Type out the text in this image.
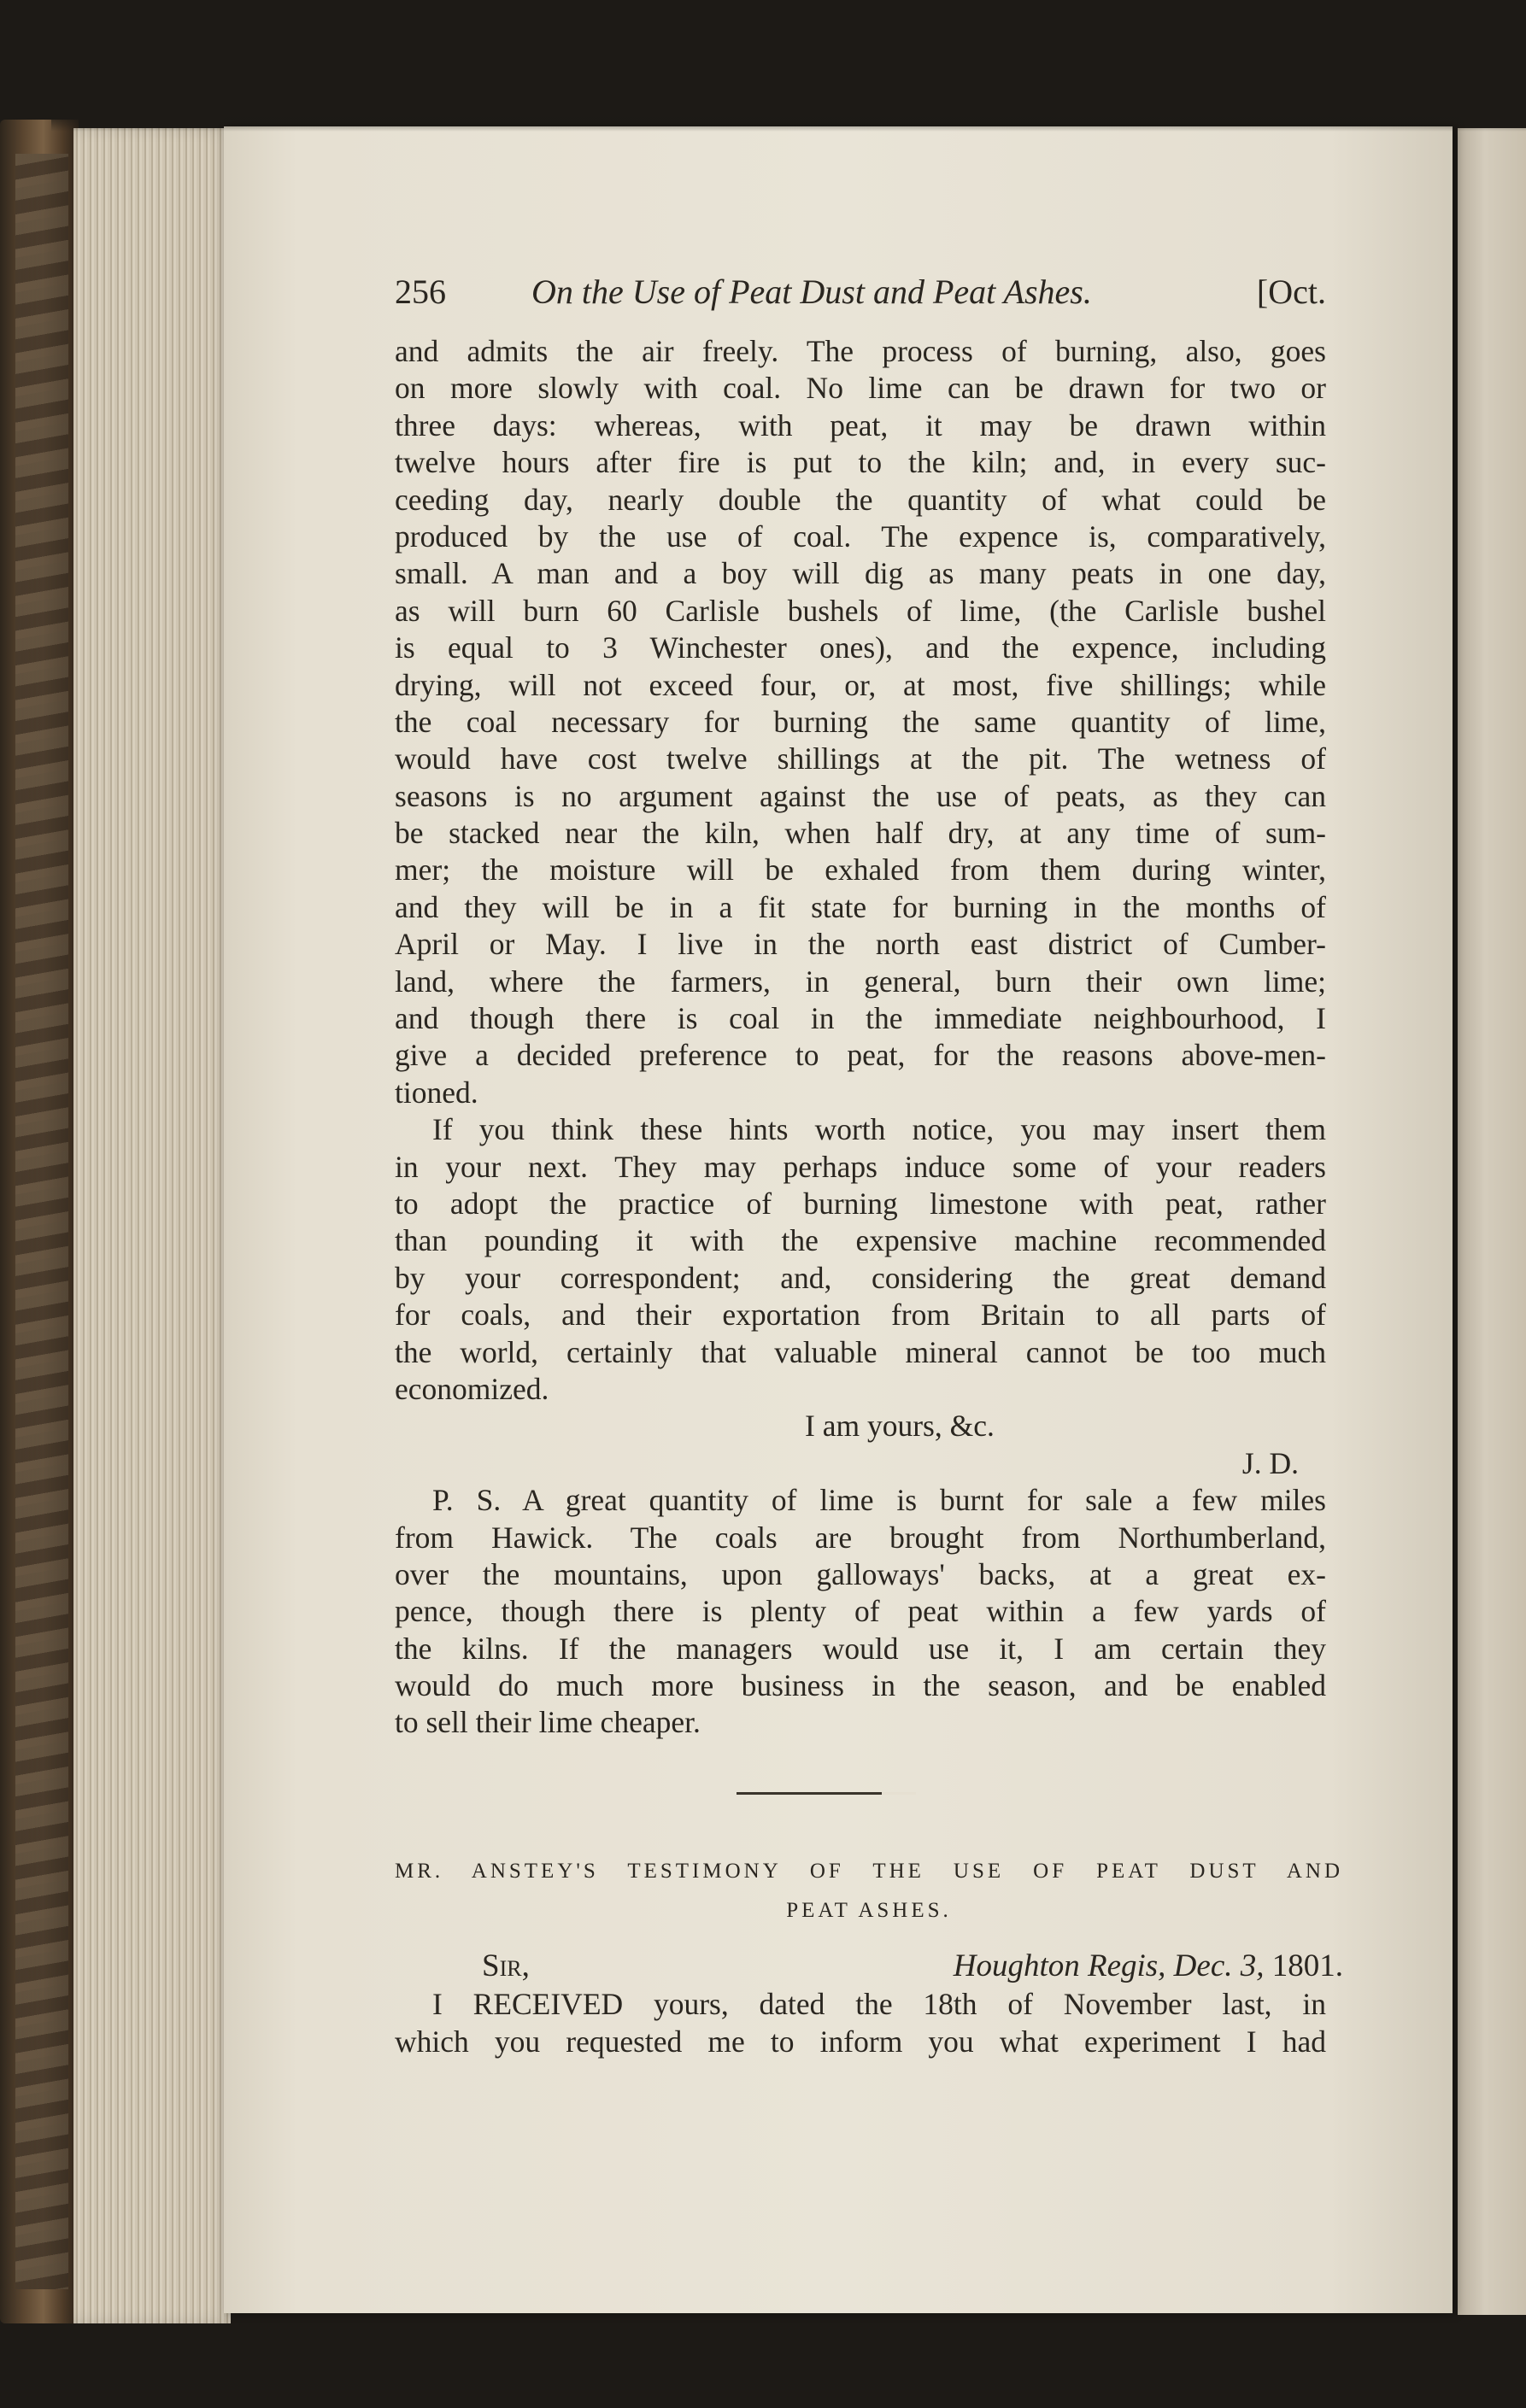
256	On the Use of Peat Dust and Peat Ashes.	[Oct.
and admits the air freely. The process of burning, also, goes
on more slowly with coal. No lime can be drawn for two or
three days: whereas, with peat, it may be drawn within
twelve hours after fire is put to the kiln; and, in every suc-
ceeding day, nearly double the quantity of what could be
produced by the use of coal. The expence is, comparatively,
small. A man and a boy will dig as many peats in one day,
as will burn 60 Carlisle bushels of lime, (the Carlisle bushel
is equal to 3 Winchester ones), and the expence, including
drying, will not exceed four, or, at most, five shillings; while
the coal necessary for burning the same quantity of lime,
would have cost twelve shillings at the pit. The wetness of
seasons is no argument against the use of peats, as they can
be stacked near the kiln, when half dry, at any time of sum-
mer; the moisture will be exhaled from them during winter,
and they will be in a fit state for burning in the months of
April or May. I live in the north east district of Cumber-
land, where the farmers, in general, burn their own lime;
and though there is coal in the immediate neighbourhood, I
give a decided preference to peat, for the reasons above-men-
tioned.
If you think these hints worth notice, you may insert them
in your next. They may perhaps induce some of your readers
to adopt the practice of burning limestone with peat, rather
than pounding it with the expensive machine recommended
by your correspondent; and, considering the great demand
for coals, and their exportation from Britain to all parts of
the world, certainly that valuable mineral cannot be too much
economized.
I am yours, &c.
J. D.
P. S. A great quantity of lime is burnt for sale a few miles
from Hawick. The coals are brought from Northumberland,
over the mountains, upon galloways' backs, at a great ex-
pence, though there is plenty of peat within a few yards of
the kilns. If the managers would use it, I am certain they
would do much more business in the season, and be enabled
to sell their lime cheaper.
MR. ANSTEY'S TESTIMONY OF THE USE OF PEAT DUST AND
PEAT ASHES.
Sir,	Houghton Regis, Dec. 3, 1801.
I RECEIVED yours, dated the 18th of November last, in
which you requested me to inform you what experiment I had
